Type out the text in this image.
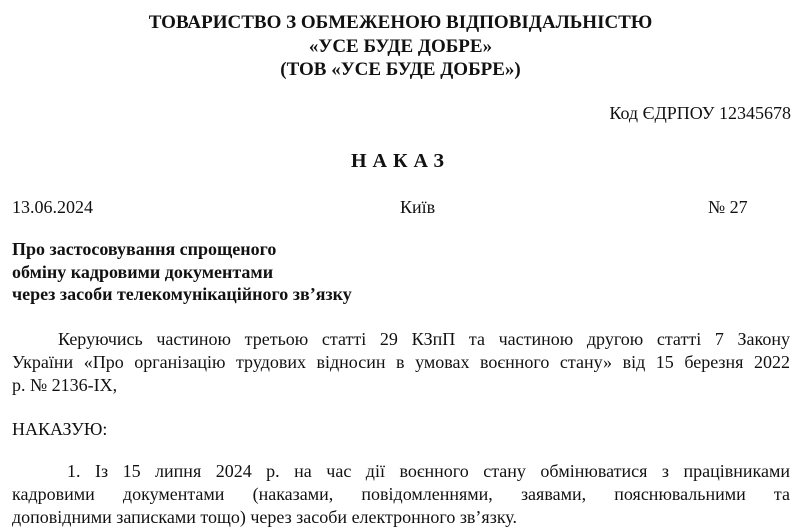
ТОВАРИСТВО З ОБМЕЖЕНОЮ ВІДПОВІДАЛЬНІСТЮ
«УСЕ БУДЕ ДОБРЕ»
(ТОВ «УСЕ БУДЕ ДОБРЕ»)
Код ЄДРПОУ 12345678
НАКАЗ
13.06.2024	Київ	№ 27
Про застосовування спрощеного
обміну кадровими документами
через засоби телекомунікаційного зв’язку
Керуючись частиною третьою статті 29 КЗпП та частиною другою статті 7 Закону
України «Про організацію трудових відносин в умовах воєнного стану» від 15 березня 2022
р. № 2136-IX,
НАКАЗУЮ:
1. Із 15 липня 2024 р. на час дії воєнного стану обмінюватися з працівниками
кадровими документами (наказами, повідомленнями, заявами, пояснювальними та
доповідними записками тощо) через засоби електронного зв’язку.
